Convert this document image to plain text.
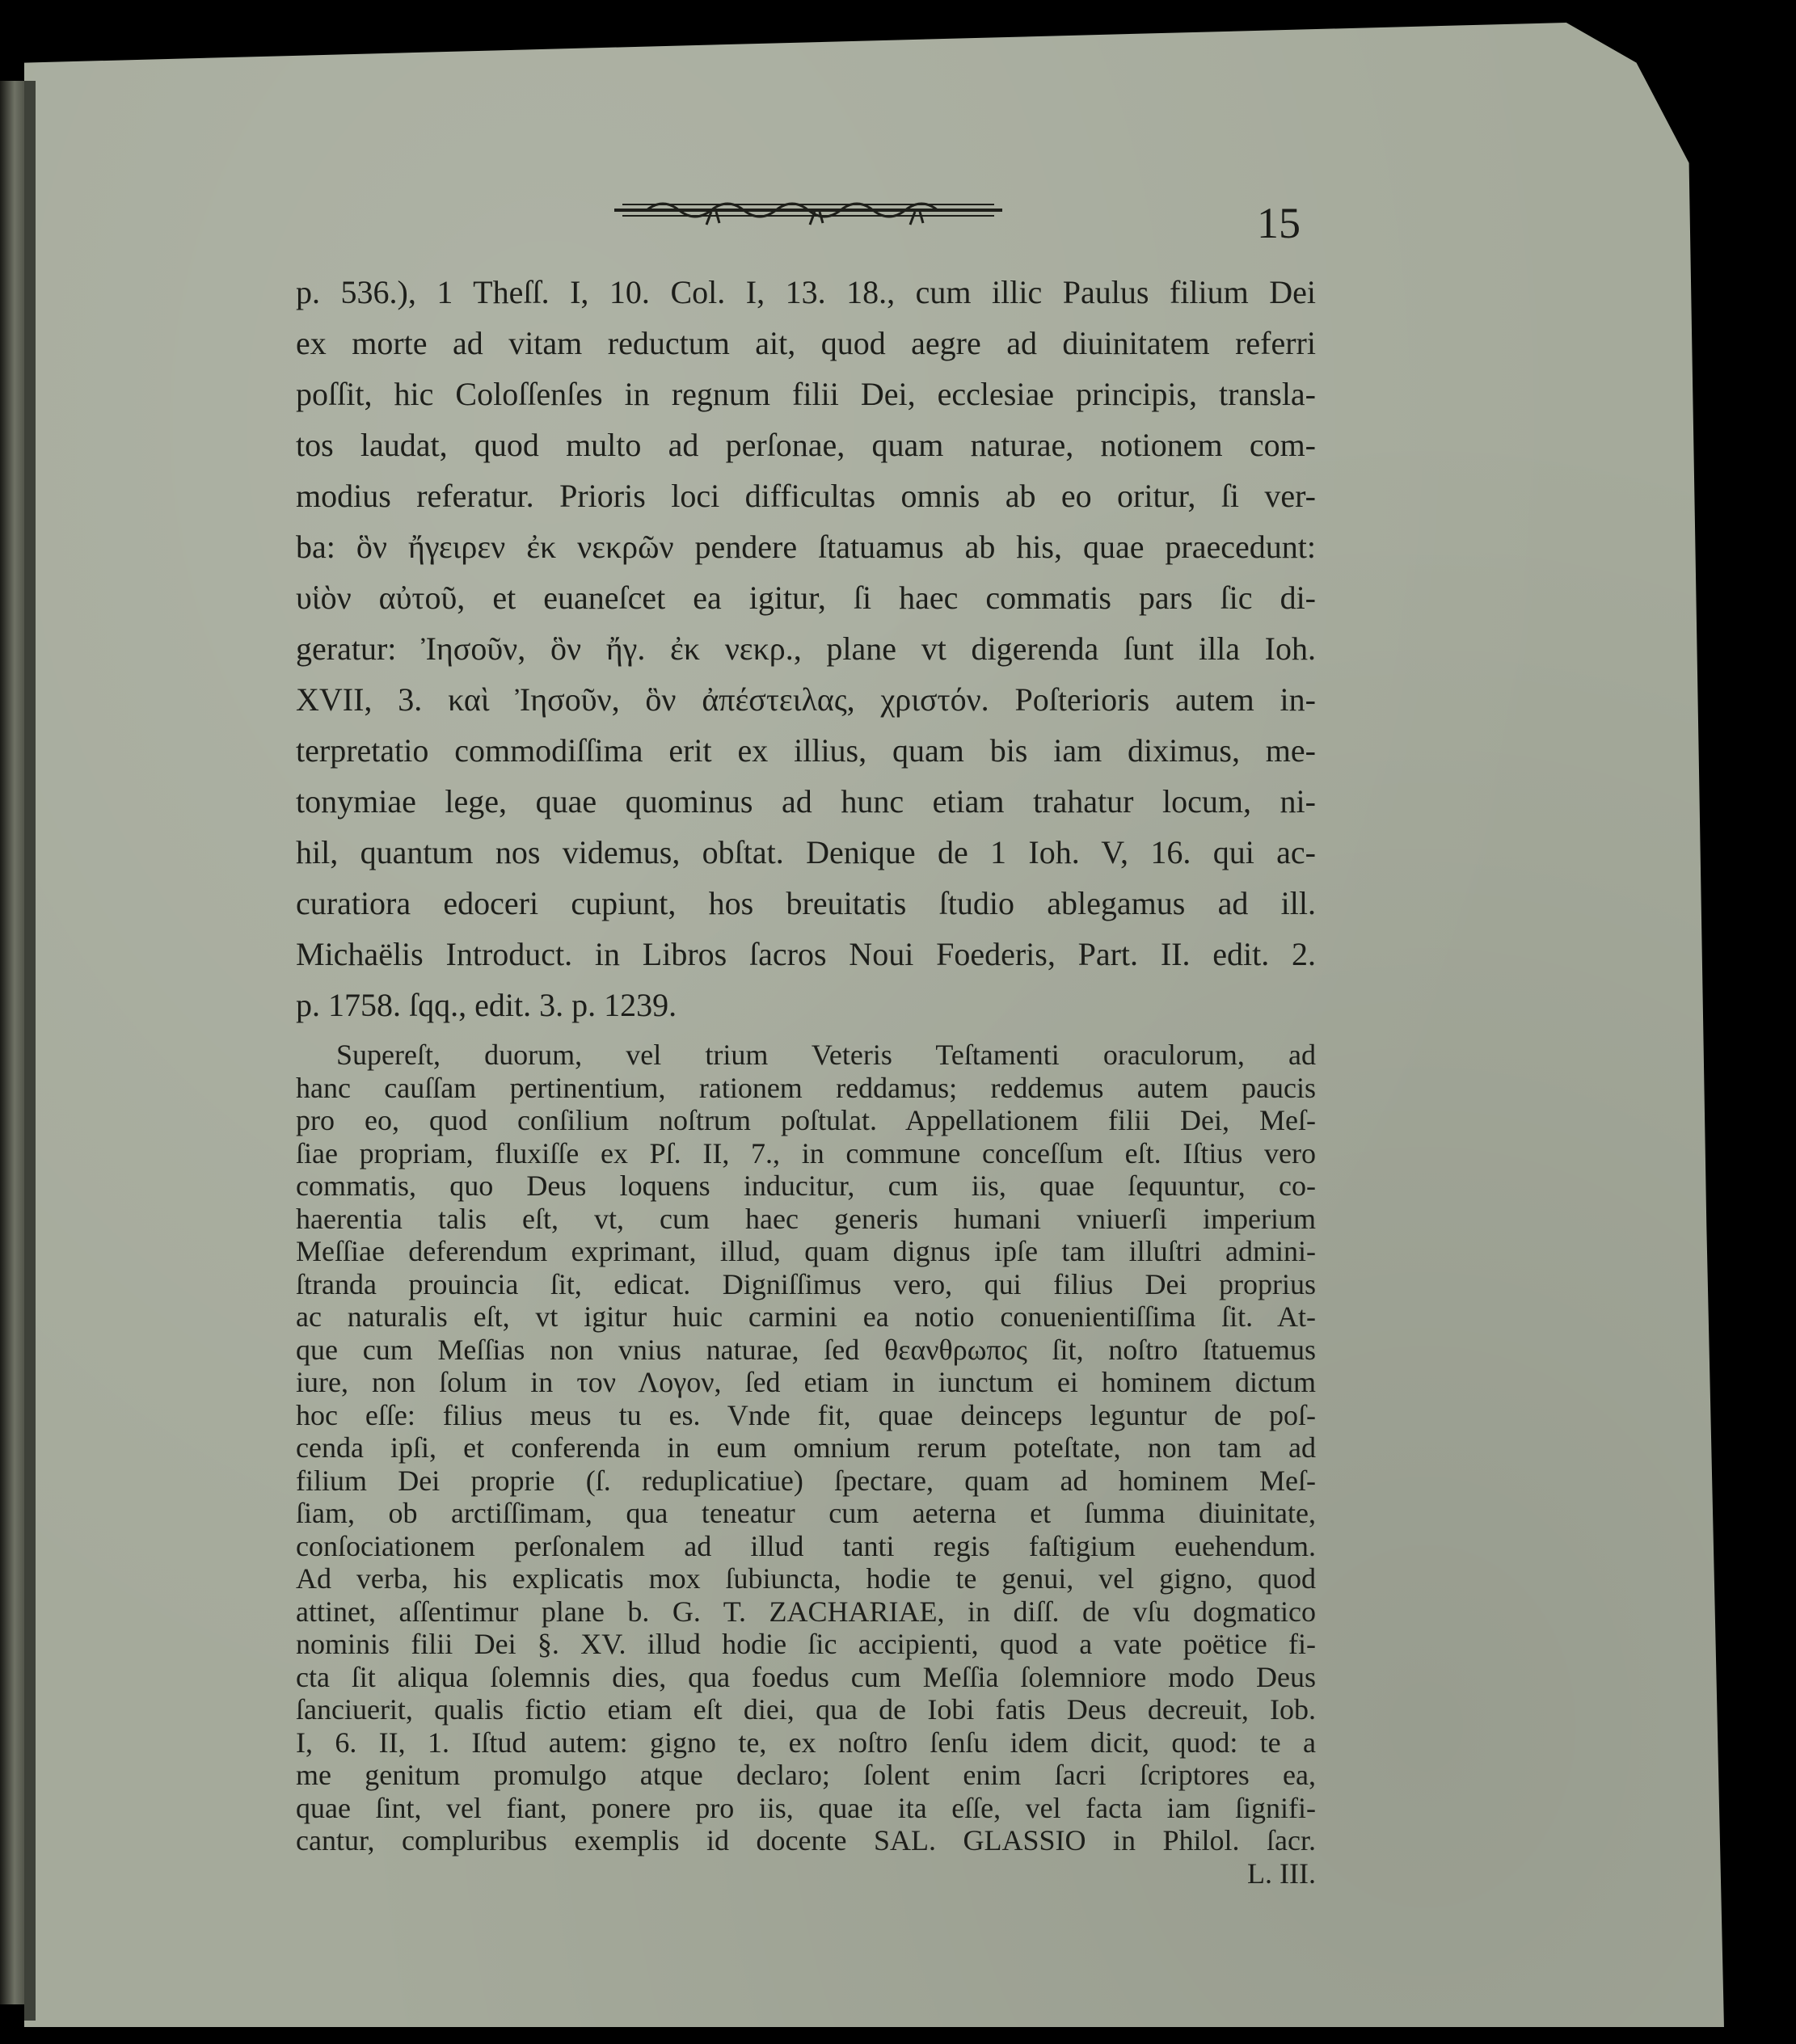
15
p. 536.), 1 Theſſ. I, 10. Col. I, 13. 18., cum illic Paulus filium Dei
ex morte ad vitam reductum ait, quod aegre ad diuinitatem referri
poſſit, hic Coloſſenſes in regnum filii Dei, ecclesiae principis, transla-
tos laudat, quod multo ad perſonae, quam naturae, notionem com-
modius referatur. Prioris loci difficultas omnis ab eo oritur, ſi ver-
ba: ὃν ἤγειρεν ἐκ νεκρῶν pendere ſtatuamus ab his, quae praecedunt:
υἱὸν αὐτοῦ, et euaneſcet ea igitur, ſi haec commatis pars ſic di-
geratur: Ἰησοῦν, ὃν ἤγ. ἐκ νεκρ., plane vt digerenda ſunt illa Ioh.
XVII, 3. καὶ Ἰησοῦν, ὃν ἀπέστειλας, χριστόν. Poſterioris autem in-
terpretatio commodiſſima erit ex illius, quam bis iam diximus, me-
tonymiae lege, quae quominus ad hunc etiam trahatur locum, ni-
hil, quantum nos videmus, obſtat. Denique de 1 Ioh. V, 16. qui ac-
curatiora edoceri cupiunt, hos breuitatis ſtudio ablegamus ad ill.
Michaëlis Introduct. in Libros ſacros Noui Foederis, Part. II. edit. 2.
p. 1758. ſqq., edit. 3. p. 1239.
Supereſt, duorum, vel trium Veteris Teſtamenti oraculorum, ad
hanc cauſſam pertinentium, rationem reddamus; reddemus autem paucis
pro eo, quod conſilium noſtrum poſtulat. Appellationem filii Dei, Meſ-
ſiae propriam, fluxiſſe ex Pſ. II, 7., in commune conceſſum eſt. Iſtius vero
commatis, quo Deus loquens inducitur, cum iis, quae ſequuntur, co-
haerentia talis eſt, vt, cum haec generis humani vniuerſi imperium
Meſſiae deferendum exprimant, illud, quam dignus ipſe tam illuſtri admini-
ſtranda prouincia ſit, edicat. Digniſſimus vero, qui filius Dei proprius
ac naturalis eſt, vt igitur huic carmini ea notio conuenientiſſima ſit. At-
que cum Meſſias non vnius naturae, ſed θεανθρωπος ſit, noſtro ſtatuemus
iure, non ſolum in τον Λογον, ſed etiam in iunctum ei hominem dictum
hoc eſſe: filius meus tu es. Vnde fit, quae deinceps leguntur de poſ-
cenda ipſi, et conferenda in eum omnium rerum poteſtate, non tam ad
filium Dei proprie (ſ. reduplicatiue) ſpectare, quam ad hominem Meſ-
ſiam, ob arctiſſimam, qua teneatur cum aeterna et ſumma diuinitate,
conſociationem perſonalem ad illud tanti regis faſtigium euehendum.
Ad verba, his explicatis mox ſubiuncta, hodie te genui, vel gigno, quod
attinet, aſſentimur plane b. G. T. ZACHARIAE, in diſſ. de vſu dogmatico
nominis filii Dei §. XV. illud hodie ſic accipienti, quod a vate poëtice fi-
cta ſit aliqua ſolemnis dies, qua foedus cum Meſſia ſolemniore modo Deus
ſanciuerit, qualis fictio etiam eſt diei, qua de Iobi fatis Deus decreuit, Iob.
I, 6. II, 1. Iſtud autem: gigno te, ex noſtro ſenſu idem dicit, quod: te a
me genitum promulgo atque declaro; ſolent enim ſacri ſcriptores ea,
quae ſint, vel fiant, ponere pro iis, quae ita eſſe, vel facta iam ſignifi-
cantur, compluribus exemplis id docente SAL. GLASSIO in Philol. ſacr.
L. III.
